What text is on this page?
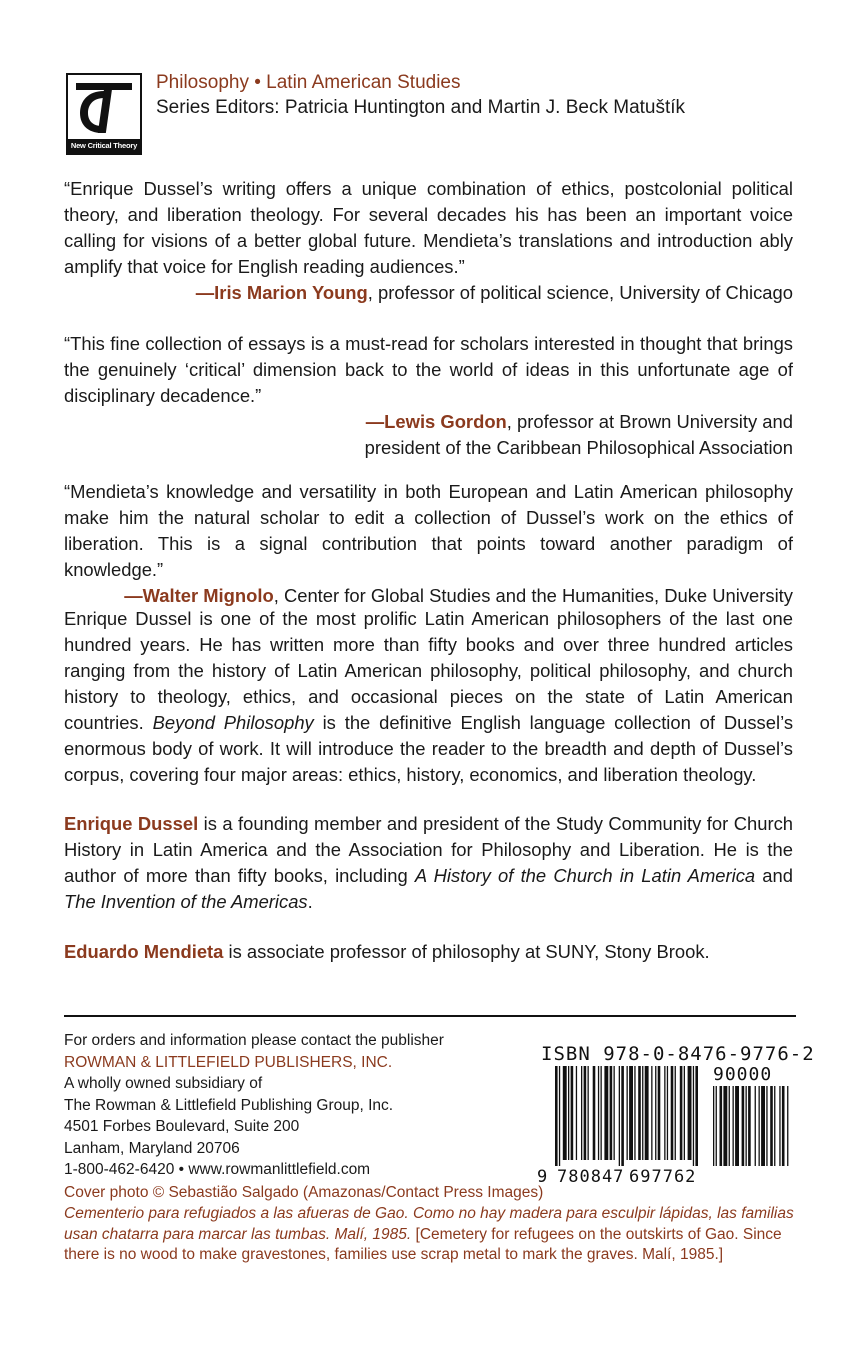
New Critical Theory
Philosophy • Latin American Studies
Series Editors: Patricia Huntington and Martin J. Beck Matuštík

“Enrique Dussel’s writing offers a unique combination of ethics, postcolonial political theory, and liberation theology. For several decades his has been an important voice calling for visions of a better global future. Mendieta’s translations and introduction ably amplify that voice for English reading audiences.”

—Iris Marion Young, professor of political science, University of Chicago

“This fine collection of essays is a must-read for scholars interested in thought that brings the genuinely ‘critical’ dimension back to the world of ideas in this unfortunate age of disciplinary decadence.”

—Lewis Gordon, professor at Brown University and

president of the Caribbean Philosophical Association

“Mendieta’s knowledge and versatility in both European and Latin American philosophy make him the natural scholar to edit a collection of Dussel’s work on the ethics of liberation. This is a signal contribution that points toward another paradigm of knowledge.”

—Walter Mignolo, Center for Global Studies and the Humanities, Duke University

Enrique Dussel is one of the most prolific Latin American philosophers of the last one hundred years. He has written more than fifty books and over three hundred articles ranging from the history of Latin American philosophy, political philosophy, and church history to theology, ethics, and occasional pieces on the state of Latin American countries. Beyond Philosophy is the definitive English language collection of Dussel’s enormous body of work. It will introduce the reader to the breadth and depth of Dussel’s corpus, covering four major areas: ethics, history, economics, and liberation theology.

Enrique Dussel is a founding member and president of the Study Community for Church History in Latin America and the Association for Philosophy and Liberation. He is the author of more than fifty books, including A History of the Church in Latin America and The Invention of the Americas.

Eduardo Mendieta is associate professor of philosophy at SUNY, Stony Brook.

For orders and information please contact the publisher
ROWMAN & LITTLEFIELD PUBLISHERS, INC.
A wholly owned subsidiary of
The Rowman & Littlefield Publishing Group, Inc.
4501 Forbes Boulevard, Suite 200
Lanham, Maryland 20706
1-800-462-6420 • www.rowmanlittlefield.com
ISBN 978-0-8476-9776-2
9 780847 697762
90000

Cover photo © Sebastião Salgado (Amazonas/Contact Press Images)

Cementerio para refugiados a las afueras de Gao. Como no hay madera para esculpir lápidas, las familias usan chatarra para marcar las tumbas. Malí, 1985. [Cemetery for refugees on the outskirts of Gao. Since there is no wood to make gravestones, families use scrap metal to mark the graves. Malí, 1985.]
